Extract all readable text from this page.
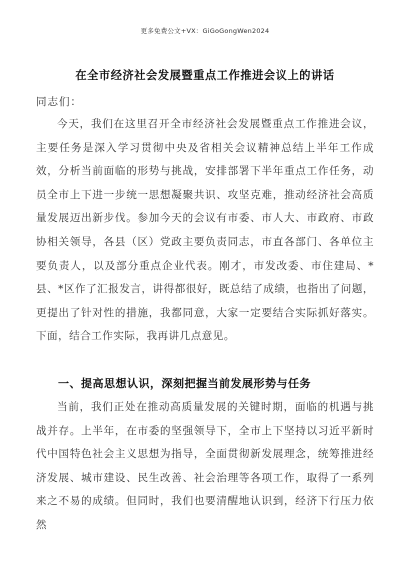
更多免费公文+VX：GiGoGongWen2024
在全市经济社会发展暨重点工作推进会议上的讲话
同志们：

今天，我们在这里召开全市经济社会发展暨重点工作推进会议，主要任务是深入学习贯彻中央及省相关会议精神总结上半年工作成效，分析当前面临的形势与挑战，安排部署下半年重点工作任务，动员全市上下进一步统一思想凝聚共识、攻坚克难，推动经济社会高质量发展迈出新步伐。参加今天的会议有市委、市人大、市政府、市政协相关领导，各县（区）党政主要负责同志，市直各部门、各单位主要负责人，以及部分重点企业代表。刚才，市发改委、市住建局、*县、*区作了汇报发言，讲得都很好，既总结了成绩，也指出了问题，更提出了针对性的措施，我都同意，大家一定要结合实际抓好落实。下面，结合工作实际，我再讲几点意见。

一、提高思想认识，深刻把握当前发展形势与任务

当前，我们正处在推动高质量发展的关键时期，面临的机遇与挑战并存。上半年，在市委的坚强领导下，全市上下坚持以习近平新时代中国特色社会主义思想为指导，全面贯彻新发展理念，统筹推进经济发展、城市建设、民生改善、社会治理等各项工作，取得了一系列来之不易的成绩。但同时，我们也要清醒地认识到，经济下行压力依然
